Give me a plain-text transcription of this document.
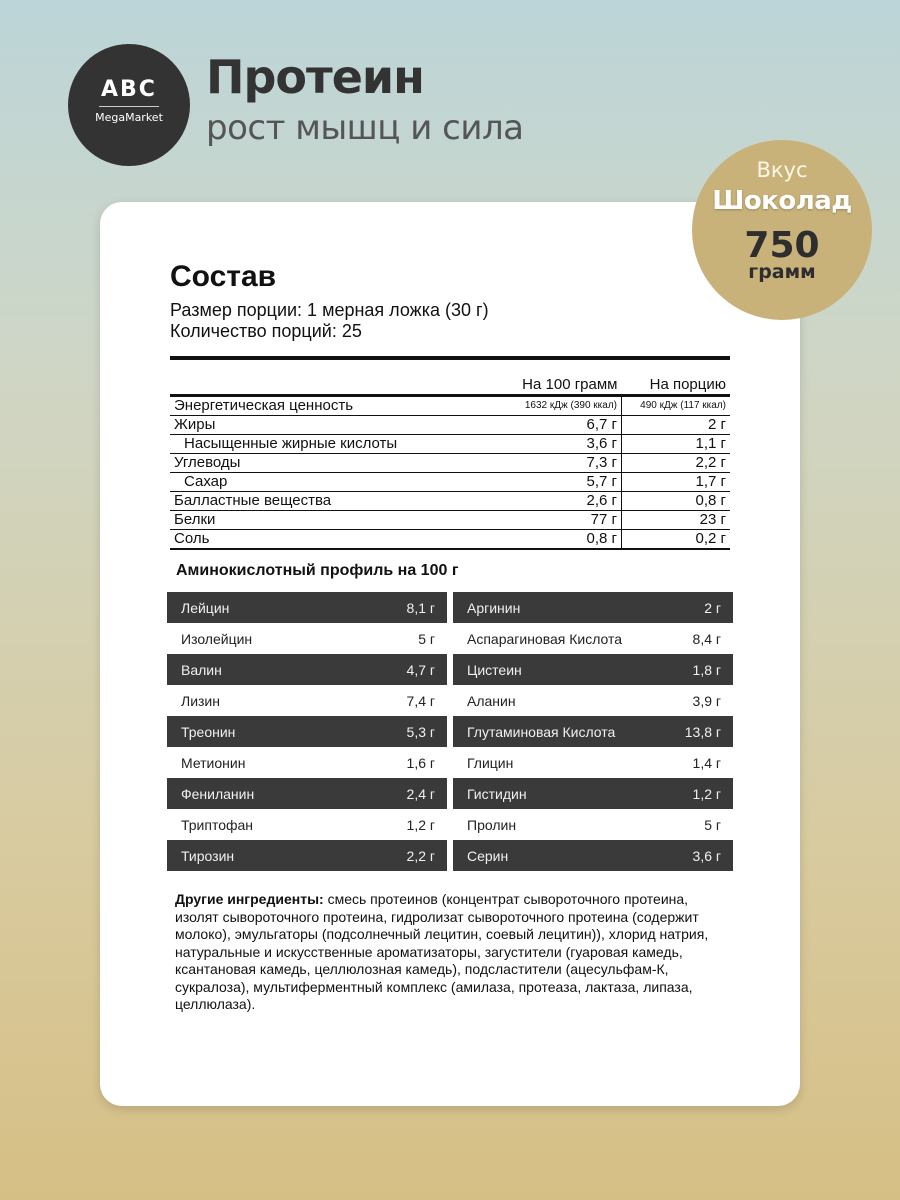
ABC
MegaMarket
Протеин
рост мышц и сила
Вкус
Шоколад
750
грамм
Состав
Размер порции: 1 мерная ложка (30 г)
Количество порций: 25
	На 100 грамм	На порцию
Энергетическая ценность	1632 кДж (390 ккал)	490 кДж (117 ккал)
Жиры	6,7 г	2 г
Насыщенные жирные кислоты	3,6 г	1,1 г
Углеводы	7,3 г	2,2 г
Сахар	5,7 г	1,7 г
Балластные вещества	2,6 г	0,8 г
Белки	77 г	23 г
Соль	0,8 г	0,2 г
Аминокислотный профиль на 100 г
Лейцин	8,1 г Аргинин	2 г
Изолейцин	5 г Аспарагиновая Кислота	8,4 г
Валин	4,7 г Цистеин	1,8 г
Лизин	7,4 г Аланин	3,9 г
Треонин	5,3 г Глутаминовая Кислота	13,8 г
Метионин	1,6 г Глицин	1,4 г
Фениланин	2,4 г Гистидин	1,2 г
Триптофан	1,2 г Пролин	5 г
Тирозин	2,2 г Серин	3,6 г
Другие ингредиенты: смесь протеинов (концентрат сывороточного протеина, изолят сывороточного протеина, гидролизат сывороточного протеина (содержит молоко), эмульгаторы (подсолнечный лецитин, соевый лецитин)), хлорид натрия, натуральные и искусственные ароматизаторы, загустители (гуаровая камедь, ксантановая камедь, целлюлозная камедь), подсластители (ацесульфам-К, сукралоза), мультиферментный комплекс (амилаза, протеаза, лактаза, липаза, целлюлаза).
